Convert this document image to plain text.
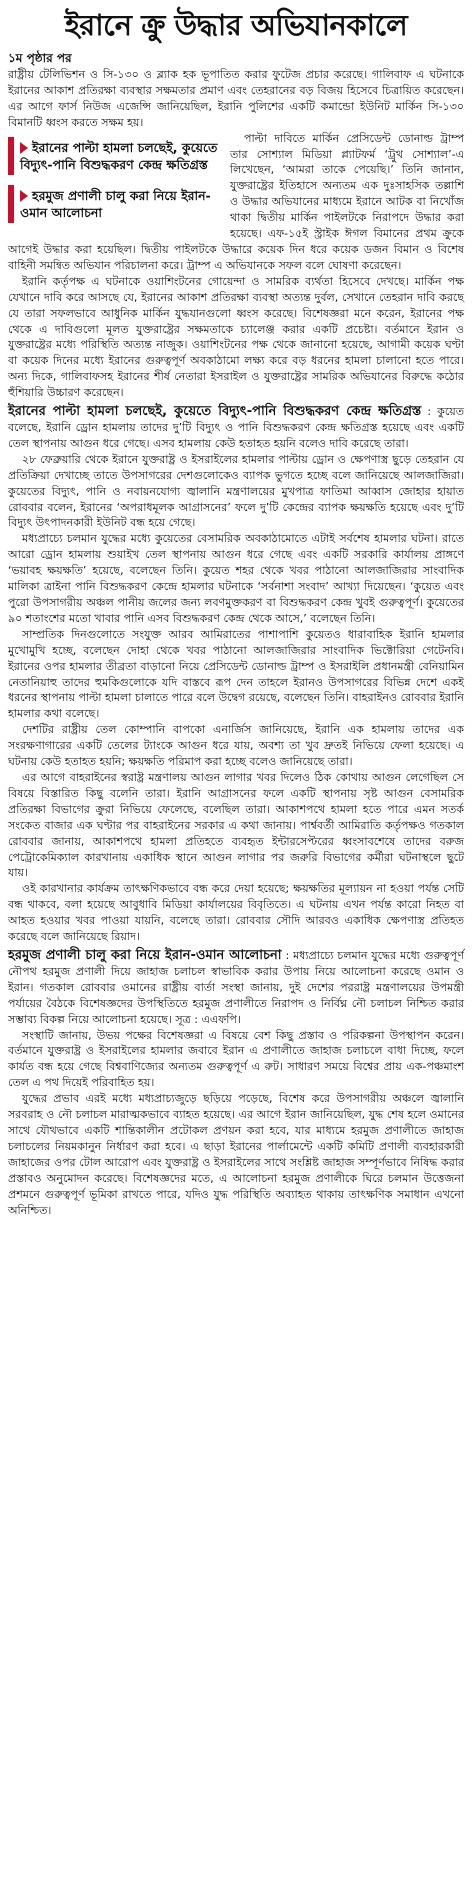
ইরানে ক্রু উদ্ধার অভিযানকালে
১ম পৃষ্ঠার পর

রাষ্ট্রীয় টেলিভিশন ও সি-১৩০ ও ব্ল্যাক হক ভূপাতিত করার ফুটেজ প্রচার করেছে। গালিবাফ এ ঘটনাকে ইরানের আকাশ প্রতিরক্ষা ব্যবস্থার সক্ষমতার প্রমাণ এবং তেহরানের বড় বিজয় হিসেবে চিত্রায়িত করেছেন। এর আগে ফার্স নিউজ এজেন্সি জানিয়েছিল, ইরানি পুলিশের একটি কমান্ডো ইউনিট মার্কিন সি-১৩০ বিমানটি ধ্বংস করতে সক্ষম হয়।

ইরানের পাল্টা হামলা চলছেই, কুয়েতে বিদ্যুৎ-পানি বিশুদ্ধকরণ কেন্দ্র ক্ষতিগ্রস্ত
হরমুজ প্রণালী চালু করা নিয়ে ইরান-ওমান আলোচনা

পাল্টা দাবিতে মার্কিন প্রেসিডেন্ট ডোনাল্ড ট্রাম্প তার সোশ্যাল মিডিয়া প্ল্যাটফর্ম ‘ট্রুথ সোশ্যাল’-এ লিখেছেন, ‘আমরা তাকে পেয়েছি।’ তিনি জানান, যুক্তরাষ্ট্রের ইতিহাসে অন্যতম এক দুঃসাহসিক তল্লাশি ও উদ্ধার অভিযানের মাধ্যমে ইরানে আটক বা নিখোঁজ থাকা দ্বিতীয় মার্কিন পাইলটকে নিরাপদে উদ্ধার করা হয়েছে। এফ-১৫ই স্ট্রাইক ঈগল বিমানের প্রথম ক্রুকে আগেই উদ্ধার করা হয়েছিল। দ্বিতীয় পাইলটকে উদ্ধারে কয়েক দিন ধরে কয়েক ডজন বিমান ও বিশেষ বাহিনী সমন্বিত অভিযান পরিচালনা করে। ট্রাম্প এ অভিযানকে সফল বলে ঘোষণা করেছেন।

ইরানি কর্তৃপক্ষ এ ঘটনাকে ওয়াশিংটনের গোয়েন্দা ও সামরিক ব্যর্থতা হিসেবে দেখছে। মার্কিন পক্ষ যেখানে দাবি করে আসছে যে, ইরানের আকাশ প্রতিরক্ষা ব্যবস্থা অত্যন্ত দুর্বল, সেখানে তেহরান দাবি করছে যে তারা সফলভাবে আধুনিক মার্কিন যুদ্ধযানগুলো ধ্বংস করেছে। বিশেষজ্ঞরা মনে করেন, ইরানের পক্ষ থেকে এ দাবিগুলো মূলত যুক্তরাষ্ট্রের সক্ষমতাকে চ্যালেঞ্জ করার একটি প্রচেষ্টা। বর্তমানে ইরান ও যুক্তরাষ্ট্রের মধ্যে পরিস্থিতি অত্যন্ত নাজুক। ওয়াশিংটনের পক্ষ থেকে জানানো হয়েছে, আগামী কয়েক ঘণ্টা বা কয়েক দিনের মধ্যে ইরানের গুরুত্বপূর্ণ অবকাঠামো লক্ষ্য করে বড় ধরনের হামলা চালানো হতে পারে। অন্য দিকে, গালিবাফসহ ইরানের শীর্ষ নেতারা ইসরাইল ও যুক্তরাষ্ট্রের সামরিক অভিযানের বিরুদ্ধে কঠোর হুঁশিয়ারি উচ্চারণ করেছেন।

ইরানের পাল্টা হামলা চলছেই, কুয়েতে বিদ্যুৎ-পানি বিশুদ্ধকরণ কেন্দ্র ক্ষতিগ্রস্ত : কুয়েত বলেছে, ইরানি ড্রোন হামলায় তাদের দু’টি বিদ্যুৎ ও পানি বিশুদ্ধকরণ কেন্দ্র ক্ষতিগ্রস্ত হয়েছে এবং একটি তেল স্থাপনায় আগুন ধরে গেছে। এসব হামলায় কেউ হতাহত হয়নি বলেও দাবি করেছে তারা।

২৮ ফেব্রুয়ারি থেকে ইরানে যুক্তরাষ্ট্র ও ইসরাইলের হামলার পাল্টায় ড্রোন ও ক্ষেপণাস্ত্র ছুড়ে তেহরান যে প্রতিক্রিয়া দেখাচ্ছে তাতে উপসাগরের দেশগুলোকেও ব্যাপক ভুগতে হচ্ছে বলে জানিয়েছে আলজাজিরা। কুয়েতের বিদ্যুৎ, পানি ও নবায়নযোগ্য জ্বালানি মন্ত্রণালয়ের মুখপাত্র ফাতিমা আব্বাস জোহার হায়াত রোববার বলেন, ইরানের ‘অপরাধমূলক আগ্রাসনের’ ফলে দু’টি কেন্দ্রের ব্যাপক ক্ষয়ক্ষতি হয়েছে এবং দু’টি বিদ্যুৎ উৎপাদনকারী ইউনিট বন্ধ হয়ে গেছে।

মধ্যপ্রাচ্যে চলমান যুদ্ধের মধ্যে কুয়েতের বেসামরিক অবকাঠামোতে এটাই সর্বশেষ হামলার ঘটনা। রাতে আরো ড্রোন হামলায় শুয়াইখ তেল স্থাপনায় আগুন ধরে গেছে এবং একটি সরকারি কার্যালয় প্রাঙ্গণে ‘ভয়াবহ ক্ষয়ক্ষতি’ হয়েছে, বলেছেন তিনি। কুয়েত শহর থেকে খবর পাঠানো আলজাজিরার সাংবাদিক মালিকা ত্রাইনা পানি বিশুদ্ধকরণ কেন্দ্রে হামলার ঘটনাকে ‘সর্বনাশা সংবাদ’ আখ্যা দিয়েছেন। ‘কুয়েত এবং পুরো উপসাগরীয় অঞ্চল পানীয় জলের জন্য লবণমুক্তকরণ বা বিশুদ্ধকরণ কেন্দ্র খুবই গুরুত্বপূর্ণ। কুয়েতের ৯০ শতাংশের মতো খাবার পানি এসব বিশুদ্ধকরণ কেন্দ্র থেকে আসে,’ বলেছেন তিনি।

সাম্প্রতিক দিনগুলোতে সংযুক্ত আরব আমিরাতের পাশাপাশি কুয়েতও ধারাবাহিক ইরানি হামলার মুখোমুখি হচ্ছে, বলেছেন দোহা থেকে খবর পাঠানো আলজাজিরার সাংবাদিক ভিক্টোরিয়া গেটেনবি। ইরানের ওপর হামলার তীব্রতা বাড়ানো নিয়ে প্রেসিডেন্ট ডোনাল্ড ট্রাম্প ও ইসরাইলি প্রধানমন্ত্রী বেনিয়ামিন নেতানিয়াহু তাদের হুমকিগুলোকে যদি বাস্তবে রূপ দেন তাহলে ইরানও উপসাগরের বিভিন্ন দেশে একই ধরনের স্থাপনায় পাল্টা হামলা চালাতে পারে বলে উদ্বেগ রয়েছে, বলেছেন তিনি। বাহরাইনও রোববার ইরানি হামলার কথা বলেছে।

দেশটির রাষ্ট্রীয় তেল কোম্পানি বাপকো এনার্জিস জানিয়েছে, ইরানি এক হামলায় তাদের এক সংরক্ষণাগারের একটি তেলের ট্যাংকে আগুন ধরে যায়, অবশ্য তা খুব দ্রুতই নিভিয়ে ফেলা হয়েছে। এ ঘটনায় কেউ হতাহত হয়নি; ক্ষয়ক্ষতি পরিমাপ করা হচ্ছে বলেও জানিয়েছে তারা।

এর আগে বাহরাইনের স্বরাষ্ট্র মন্ত্রণালয় আগুন লাগার খবর দিলেও ঠিক কোথায় আগুন লেগেছিল সে বিষয়ে বিস্তারিত কিছু বলেনি তারা। ইরানি আগ্রাসনের ফলে একটি স্থাপনায় সৃষ্ট আগুন বেসামরিক প্রতিরক্ষা বিভাগের ক্রুরা নিভিয়ে ফেলেছে, বলেছিল তারা। আকাশপথে হামলা হতে পারে এমন সতর্ক সংকেত বাজার এক ঘণ্টার পর বাহরাইনের সরকার এ কথা জানায়। পার্শ্ববর্তী আমিরাতি কর্তৃপক্ষও গতকাল রোববার জানায়, আকাশপথে হামলা প্রতিহতে ব্যবহৃত ইন্টারসেপ্টরের ধ্বংসাবশেষে তাদের বরুজ পেট্রোকেমিক্যাল কারখানায় একাধিক স্থানে আগুন লাগার পর জরুরি বিভাগের কর্মীরা ঘটনাস্থলে ছুটে যায়।

ওই কারখানার কার্যক্রম তাৎক্ষণিকভাবে বন্ধ করে দেয়া হয়েছে; ক্ষয়ক্ষতির মূল্যায়ন না হওয়া পর্যন্ত সেটি বন্ধ থাকবে, বলা হয়েছে আবুধাবি মিডিয়া কার্যালয়ের বিবৃতিতে। এ ঘটনায় এখন পর্যন্ত কারো নিহত বা আহত হওয়ার খবর পাওয়া যায়নি, বলেছে তারা। রোববার সৌদি আরবও একাধিক ক্ষেপণাস্ত্র প্রতিহত করেছে বলে জানিয়েছে রিয়াদ।

হরমুজ প্রণালী চালু করা নিয়ে ইরান-ওমান আলোচনা : মধ্যপ্রাচ্যে চলমান যুদ্ধের মধ্যে গুরুত্বপূর্ণ নৌপথ হরমুজ প্রণালী দিয়ে জাহাজ চলাচল স্বাভাবিক করার উপায় নিয়ে আলোচনা করেছে ওমান ও ইরান। গতকাল রোববার ওমানের রাষ্ট্রীয় বার্তা সংস্থা জানায়, দুই দেশের পররাষ্ট্র মন্ত্রণালয়ের উপমন্ত্রী পর্যায়ের বৈঠকে বিশেষজ্ঞদের উপস্থিতিতে হরমুজ প্রণালীতে নিরাপদ ও নির্বিঘ্ন নৌ চলাচল নিশ্চিত করার সম্ভাব্য বিকল্প নিয়ে আলোচনা হয়েছে। সূত্র : এএফপি।

সংস্থাটি জানায়, উভয় পক্ষের বিশেষজ্ঞরা এ বিষয়ে বেশ কিছু প্রস্তাব ও পরিকল্পনা উপস্থাপন করেন। বর্তমানে যুক্তরাষ্ট্র ও ইসরাইলের হামলার জবাবে ইরান এ প্রণালীতে জাহাজ চলাচলে বাধা দিচ্ছে, ফলে কার্যত বন্ধ হয়ে গেছে বিশ্ববাণিজ্যের অন্যতম গুরুত্বপূর্ণ এ রুট। সাধারণ সময়ে বিশ্বের প্রায় এক-পঞ্চমাংশ তেল এ পথ দিয়েই পরিবাহিত হয়।

যুদ্ধের প্রভাব এরই মধ্যে মধ্যপ্রাচ্যজুড়ে ছড়িয়ে পড়েছে, বিশেষ করে উপসাগরীয় অঞ্চলে জ্বালানি সরবরাহ ও নৌ চলাচল মারাত্মকভাবে ব্যাহত হয়েছে। এর আগে ইরান জানিয়েছিল, যুদ্ধ শেষ হলে ওমানের সাথে যৌথভাবে একটি শান্তিকালীন প্রটোকল প্রণয়ন করা হবে, যার মাধ্যমে হরমুজ প্রণালীতে জাহাজ চলাচলের নিয়মকানুন নির্ধারণ করা হবে। এ ছাড়া ইরানের পার্লামেন্টে একটি কমিটি প্রণালী ব্যবহারকারী জাহাজের ওপর টোল আরোপ এবং যুক্তরাষ্ট্র ও ইসরাইলের সাথে সংশ্লিষ্ট জাহাজ সম্পূর্ণভাবে নিষিদ্ধ করার প্রস্তাবও অনুমোদন করেছে। বিশেষজ্ঞদের মতে, এ আলোচনা হরমুজ প্রণালীকে ঘিরে চলমান উত্তেজনা প্রশমনে গুরুত্বপূর্ণ ভূমিকা রাখতে পারে, যদিও যুদ্ধ পরিস্থিতি অব্যাহত থাকায় তাৎক্ষণিক সমাধান এখনো অনিশ্চিত।
